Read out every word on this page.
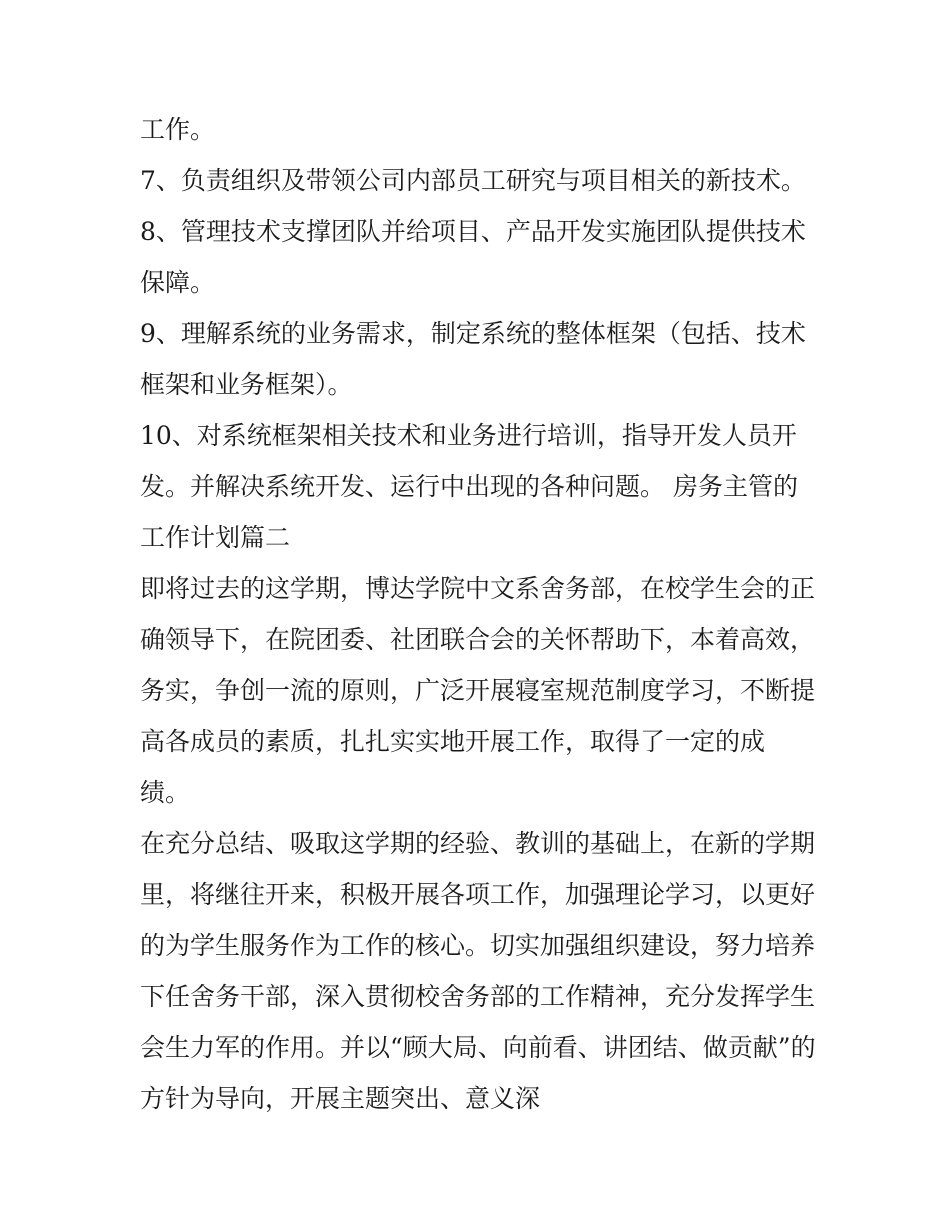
工作。
7、负责组织及带领公司内部员工研究与项目相关的新技术。
8、管理技术支撑团队并给项目、产品开发实施团队提供技术
保障。
9、理解系统的业务需求，制定系统的整体框架（包括、技术
框架和业务框架）。
10、对系统框架相关技术和业务进行培训，指导开发人员开
发。并解决系统开发、运行中出现的各种问题。 房务主管的
工作计划篇二
即将过去的这学期，博达学院中文系舍务部，在校学生会的正
确领导下，在院团委、社团联合会的关怀帮助下，本着高效，
务实，争创一流的原则，广泛开展寝室规范制度学习，不断提
高各成员的素质，扎扎实实地开展工作，取得了一定的成
绩。
在充分总结、吸取这学期的经验、教训的基础上，在新的学期
里，将继往开来，积极开展各项工作，加强理论学习，以更好
的为学生服务作为工作的核心。切实加强组织建设，努力培养
下任舍务干部，深入贯彻校舍务部的工作精神，充分发挥学生
会生力军的作用。并以“顾大局、向前看、讲团结、做贡献”的
方针为导向，开展主题突出、意义深
